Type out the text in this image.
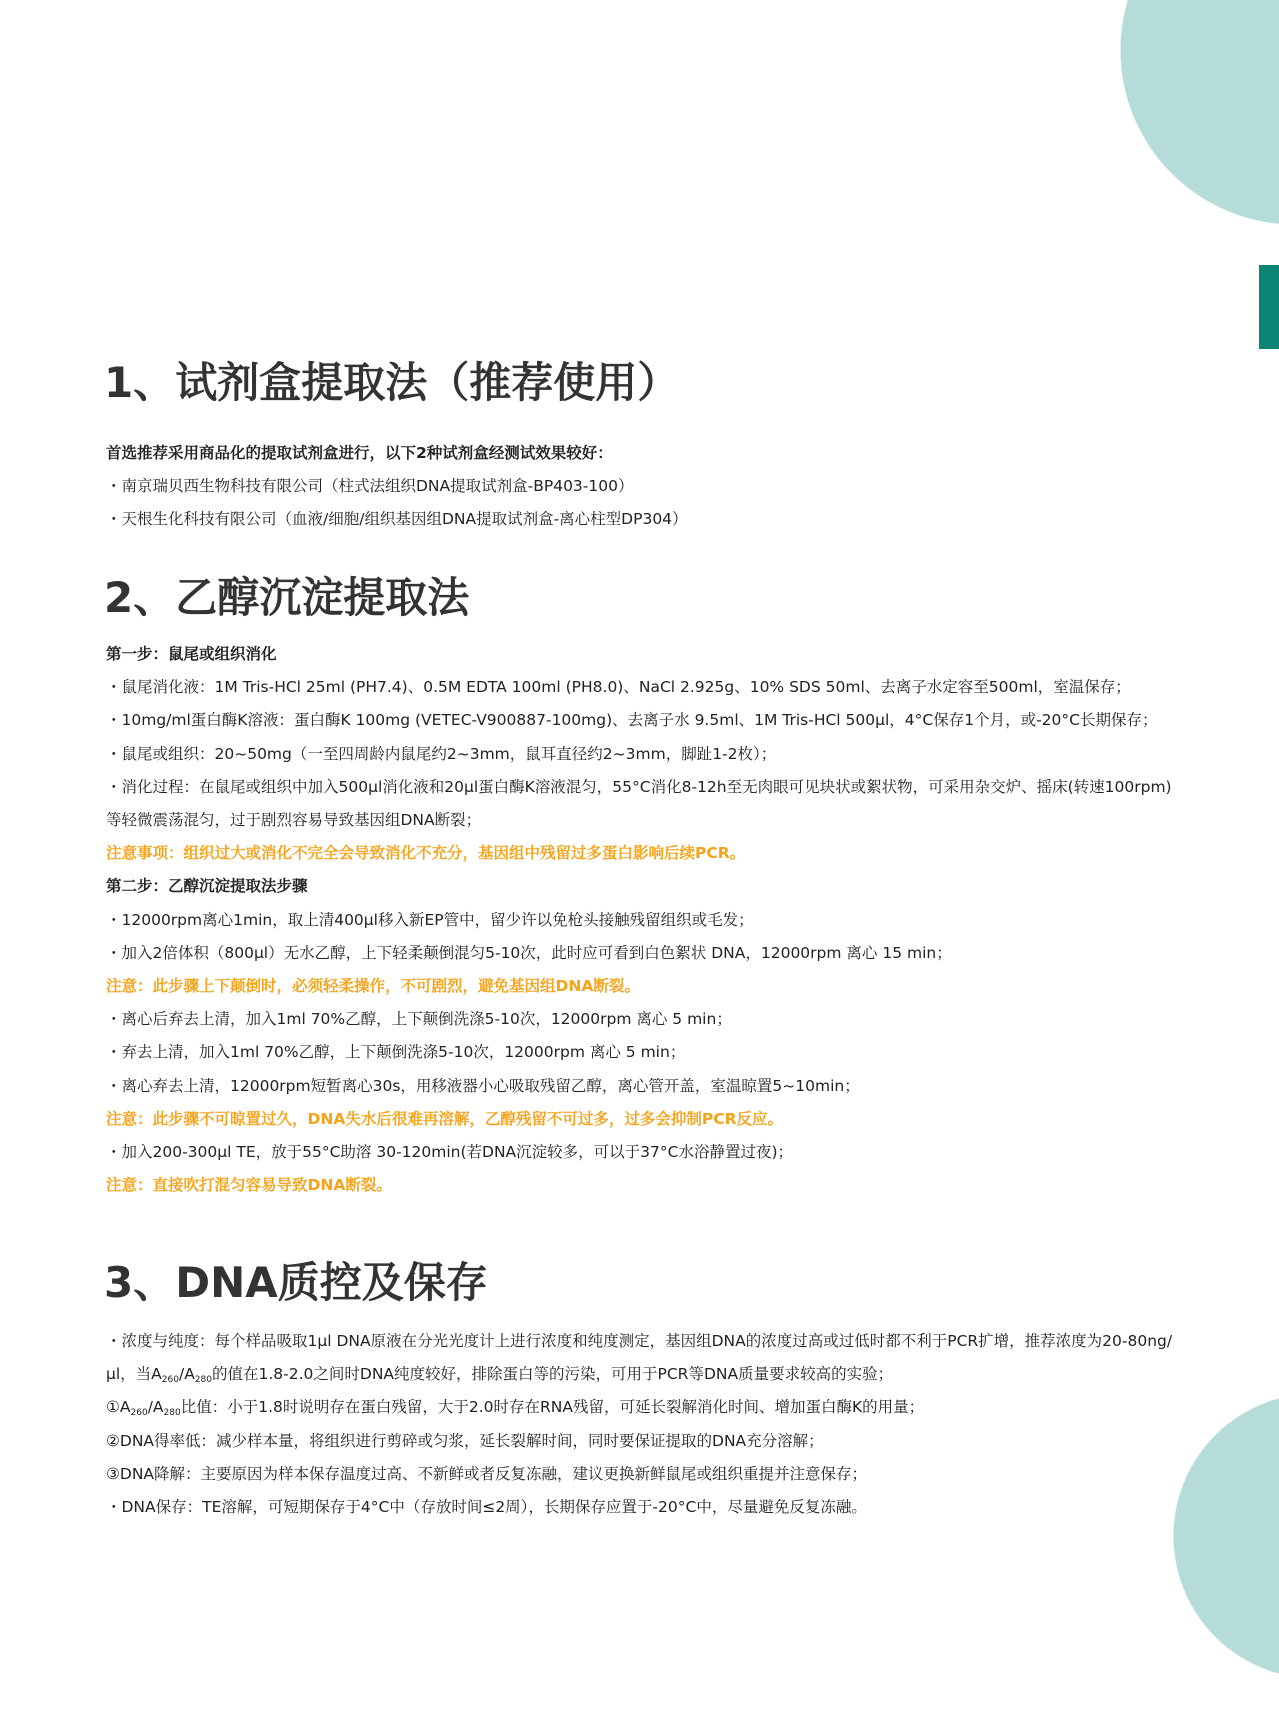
1、试剂盒提取法（推荐使用）
首选推荐采用商品化的提取试剂盒进行，以下2种试剂盒经测试效果较好：
・南京瑞贝西生物科技有限公司（柱式法组织DNA提取试剂盒-BP403-100）
・天根生化科技有限公司（血液/细胞/组织基因组DNA提取试剂盒-离心柱型DP304）
2、乙醇沉淀提取法
第一步：鼠尾或组织消化
・鼠尾消化液：1M Tris-HCl 25ml (PH7.4)、0.5M EDTA 100ml (PH8.0)、NaCl 2.925g、10% SDS 50ml、去离子水定容至500ml，室温保存；
・10mg/ml蛋白酶K溶液：蛋白酶K 100mg (VETEC-V900887-100mg)、去离子水 9.5ml、1M Tris-HCl 500μl，4°C保存1个月，或-20°C长期保存；
・鼠尾或组织：20~50mg（一至四周龄内鼠尾约2~3mm，鼠耳直径约2~3mm，脚趾1-2枚）；
・消化过程：在鼠尾或组织中加入500μl消化液和20μl蛋白酶K溶液混匀，55°C消化8-12h至无肉眼可见块状或絮状物，可采用杂交炉、摇床(转速100rpm)等轻微震荡混匀，过于剧烈容易导致基因组DNA断裂；
注意事项：组织过大或消化不完全会导致消化不充分，基因组中残留过多蛋白影响后续PCR。
第二步：乙醇沉淀提取法步骤
・12000rpm离心1min，取上清400μl移入新EP管中，留少许以免枪头接触残留组织或毛发；
・加入2倍体积（800μl）无水乙醇，上下轻柔颠倒混匀5-10次，此时应可看到白色絮状 DNA，12000rpm 离心 15 min；
注意：此步骤上下颠倒时，必须轻柔操作，不可剧烈，避免基因组DNA断裂。
・离心后弃去上清，加入1ml 70%乙醇，上下颠倒洗涤5-10次，12000rpm 离心 5 min；
・弃去上清，加入1ml 70%乙醇，上下颠倒洗涤5-10次，12000rpm 离心 5 min；
・离心弃去上清，12000rpm短暂离心30s，用移液器小心吸取残留乙醇，离心管开盖，室温晾置5~10min；
注意：此步骤不可晾置过久，DNA失水后很难再溶解，乙醇残留不可过多，过多会抑制PCR反应。
・加入200-300μl TE，放于55°C助溶 30-120min(若DNA沉淀较多，可以于37°C水浴静置过夜)；
注意：直接吹打混匀容易导致DNA断裂。
3、DNA质控及保存
・浓度与纯度：每个样品吸取1μl DNA原液在分光光度计上进行浓度和纯度测定，基因组DNA的浓度过高或过低时都不利于PCR扩增，推荐浓度为20-80ng/μl，当$A_{260}/A_{280}$的值在1.8-2.0之间时DNA纯度较好，排除蛋白等的污染，可用于PCR等DNA质量要求较高的实验；
$①A_{260}/A_{280}$比值：小于1.8时说明存在蛋白残留，大于2.0时存在RNA残留，可延长裂解消化时间、增加蛋白酶K的用量；
②DNA得率低：减少样本量，将组织进行剪碎或匀浆，延长裂解时间，同时要保证提取的DNA充分溶解；
③DNA降解：主要原因为样本保存温度过高、不新鲜或者反复冻融，建议更换新鲜鼠尾或组织重提并注意保存；
・DNA保存：TE溶解，可短期保存于4°C中（存放时间≤2周），长期保存应置于-20°C中，尽量避免反复冻融。
